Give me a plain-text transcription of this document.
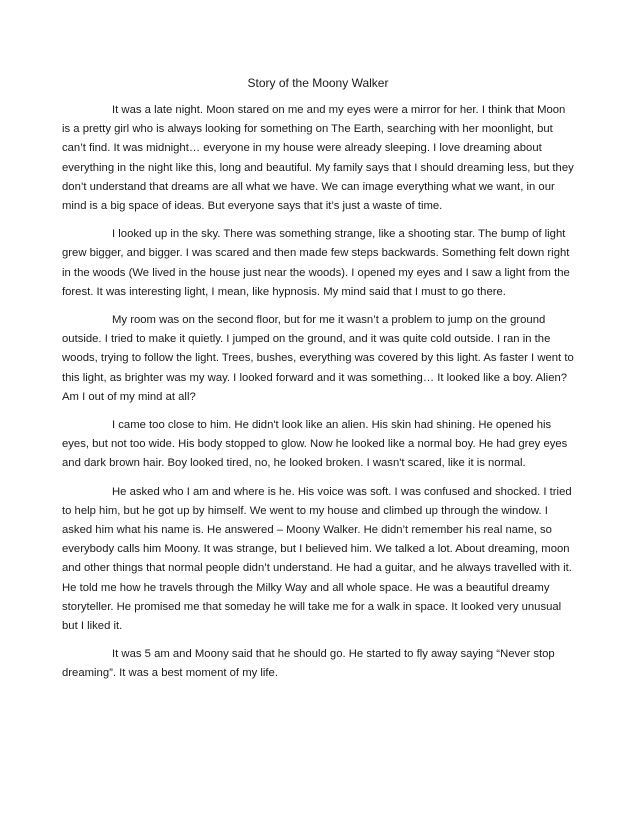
Story of the Moony Walker

It was a late night. Moon stared on me and my eyes were a mirror for her. I think that Moon is a pretty girl who is always looking for something on The Earth, searching with her moonlight, but can’t find. It was midnight… everyone in my house were already sleeping. I love dreaming about everything in the night like this, long and beautiful. My family says that I should dreaming less, but they don’t understand that dreams are all what we have. We can image everything what we want, in our mind is a big space of ideas. But everyone says that it’s just a waste of time.

I looked up in the sky. There was something strange, like a shooting star. The bump of light grew bigger, and bigger. I was scared and then made few steps backwards. Something felt down right in the woods (We lived in the house just near the woods). I opened my eyes and I saw a light from the forest. It was interesting light, I mean, like hypnosis. My mind said that I must to go there.

My room was on the second floor, but for me it wasn’t a problem to jump on the ground outside. I tried to make it quietly. I jumped on the ground, and it was quite cold outside. I ran in the woods, trying to follow the light. Trees, bushes, everything was covered by this light. As faster I went to this light, as brighter was my way. I looked forward and it was something… It looked like a boy. Alien? Am I out of my mind at all?

I came too close to him. He didn't look like an alien. His skin had shining. He opened his eyes, but not too wide. His body stopped to glow. Now he looked like a normal boy. He had grey eyes and dark brown hair. Boy looked tired, no, he looked broken. I wasn't scared, like it is normal.

He asked who I am and where is he. His voice was soft. I was confused and shocked. I tried to help him, but he got up by himself. We went to my house and climbed up through the window. I asked him what his name is. He answered – Moony Walker. He didn’t remember his real name, so everybody calls him Moony. It was strange, but I believed him. We talked a lot. About dreaming, moon and other things that normal people didn’t understand. He had a guitar, and he always travelled with it. He told me how he travels through the Milky Way and all whole space. He was a beautiful dreamy storyteller. He promised me that someday he will take me for a walk in space. It looked very unusual but I liked it.

It was 5 am and Moony said that he should go. He started to fly away saying “Never stop dreaming”. It was a best moment of my life.
